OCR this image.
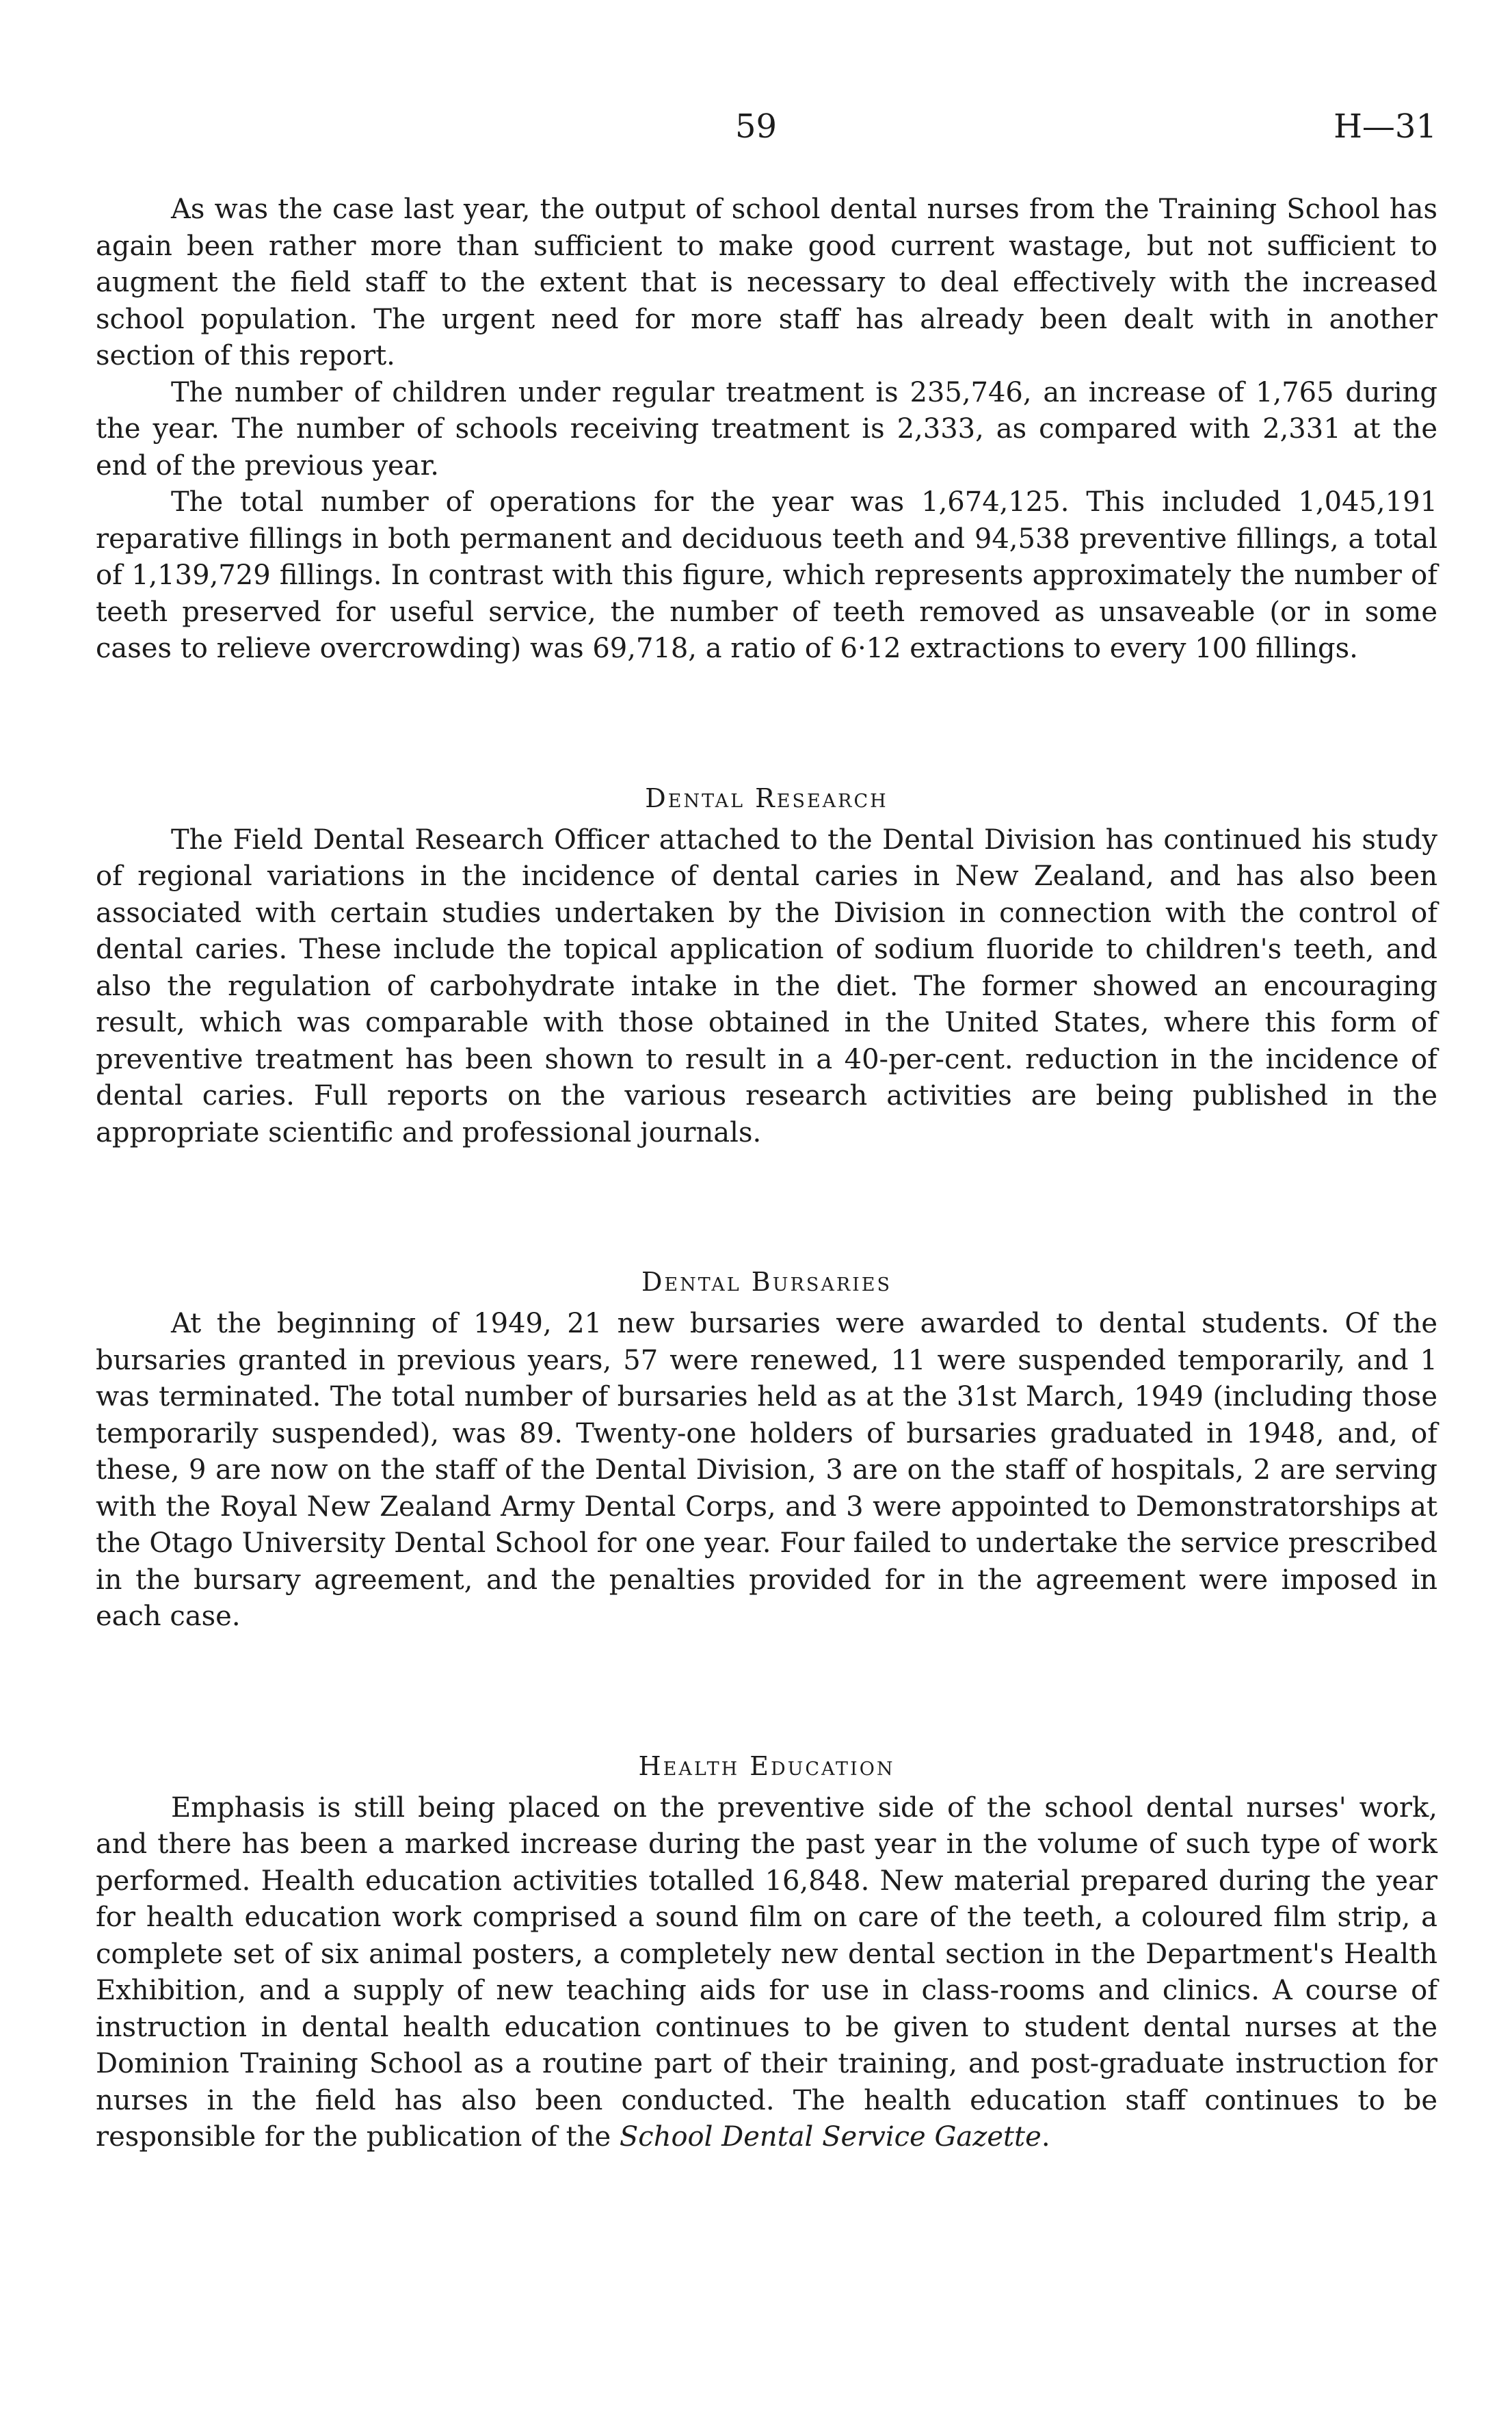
59	H—31

As was the case last year, the output of school dental nurses from the Training School has again been rather more than sufficient to make good current wastage, but not sufficient to augment the field staff to the extent that is necessary to deal effectively with the increased school population. The urgent need for more staff has already been dealt with in another section of this report.

The number of children under regular treatment is 235,746, an increase of 1,765 during the year. The number of schools receiving treatment is 2,333, as compared with 2,331 at the end of the previous year.

The total number of operations for the year was 1,674,125. This included 1,045,191 reparative fillings in both permanent and deciduous teeth and 94,538 preventive fillings, a total of 1,139,729 fillings. In contrast with this figure, which represents approximately the number of teeth preserved for useful service, the number of teeth removed as unsaveable (or in some cases to relieve overcrowding) was 69,718, a ratio of 6·12 extractions to every 100 fillings.

Dental Research

The Field Dental Research Officer attached to the Dental Division has continued his study of regional variations in the incidence of dental caries in New Zealand, and has also been associated with certain studies undertaken by the Division in connection with the control of dental caries. These include the topical application of sodium fluoride to children's teeth, and also the regulation of carbohydrate intake in the diet. The former showed an encouraging result, which was comparable with those obtained in the United States, where this form of preventive treatment has been shown to result in a 40-per-cent. reduction in the incidence of dental caries. Full reports on the various research activities are being published in the appropriate scientific and professional journals.

Dental Bursaries

At the beginning of 1949, 21 new bursaries were awarded to dental students. Of the bursaries granted in previous years, 57 were renewed, 11 were suspended temporarily, and 1 was terminated. The total number of bursaries held as at the 31st March, 1949 (including those temporarily suspended), was 89. Twenty-one holders of bursaries graduated in 1948, and, of these, 9 are now on the staff of the Dental Division, 3 are on the staff of hospitals, 2 are serving with the Royal New Zealand Army Dental Corps, and 3 were appointed to Demonstratorships at the Otago University Dental School for one year. Four failed to undertake the service prescribed in the bursary agreement, and the penalties provided for in the agreement were imposed in each case.

Health Education

Emphasis is still being placed on the preventive side of the school dental nurses' work, and there has been a marked increase during the past year in the volume of such type of work performed. Health education activities totalled 16,848. New material prepared during the year for health education work comprised a sound film on care of the teeth, a coloured film strip, a complete set of six animal posters, a completely new dental section in the Department's Health Exhibition, and a supply of new teaching aids for use in class-rooms and clinics. A course of instruction in dental health education continues to be given to student dental nurses at the Dominion Training School as a routine part of their training, and post-graduate instruction for nurses in the field has also been conducted. The health education staff continues to be responsible for the publication of the School Dental Service Gazette.
